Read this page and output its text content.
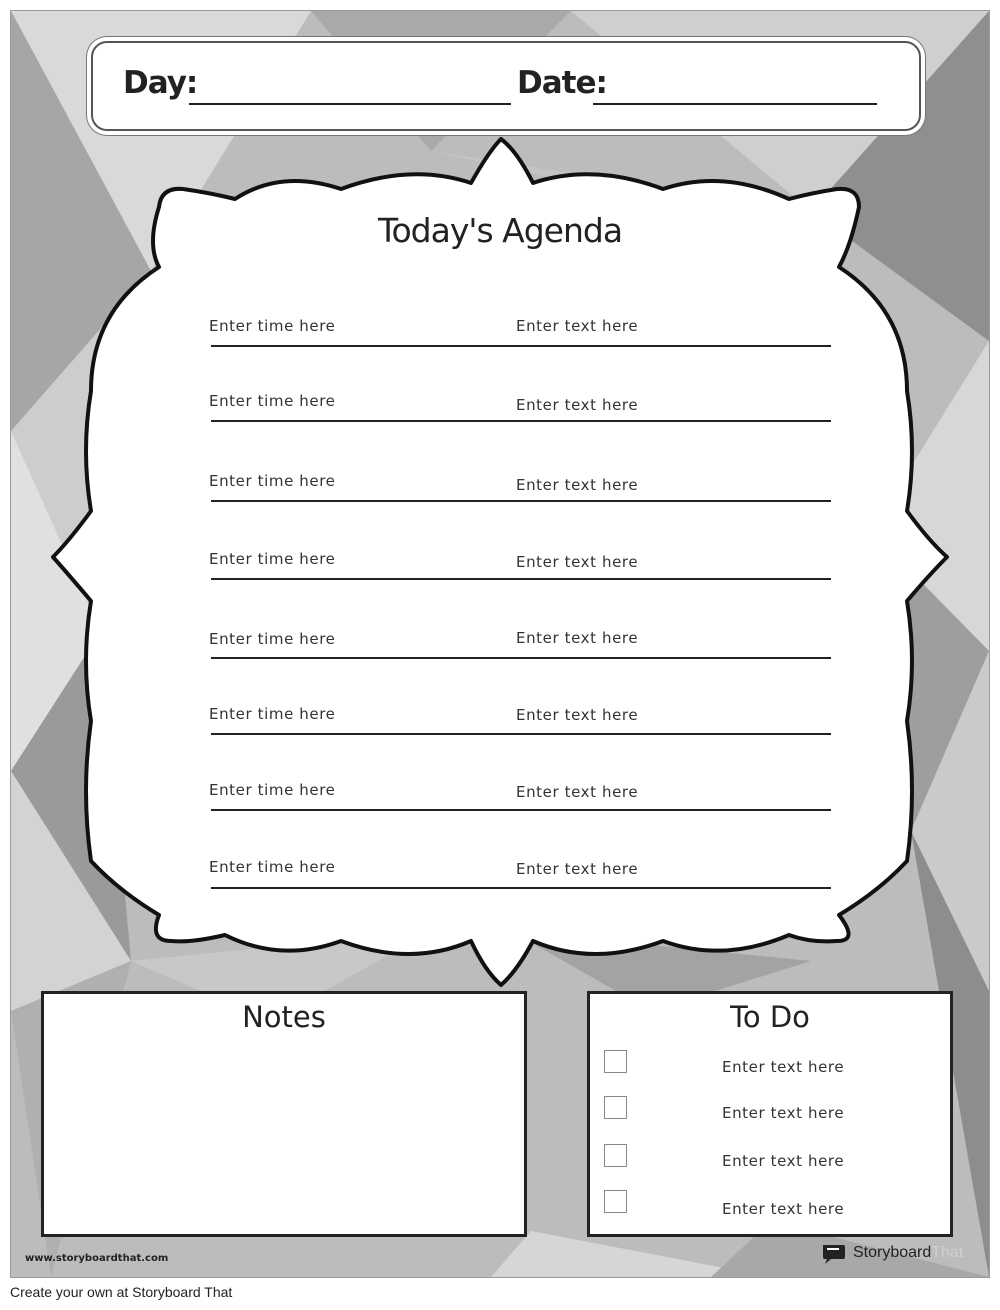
Day:	Date:
Today's Agenda
Enter time here	Enter text here
Enter time here	Enter text here
Enter time here	Enter text here
Enter time here	Enter text here
Enter time here	Enter text here
Enter time here	Enter text here
Enter time here	Enter text here
Enter time here	Enter text here
Notes	To Do
Enter text here
Enter text here
Enter text here
Enter text here
www.storyboardthat.com	StoryboardThat
Create your own at Storyboard That
